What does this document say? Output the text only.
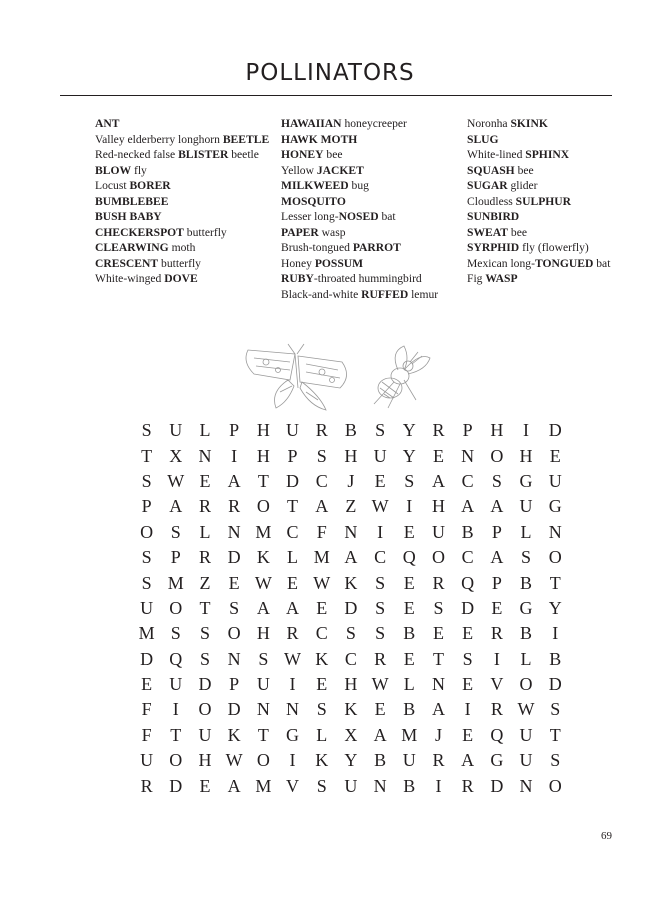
POLLINATORS
ANT
Valley elderberry longhorn BEETLE
Red-necked false BLISTER beetle
BLOW fly
Locust BORER
BUMBLEBEE
BUSH BABY
CHECKERSPOT butterfly
CLEARWING moth
CRESCENT butterfly
White-winged DOVE
HAWAIIAN honeycreeper
HAWK MOTH
HONEY bee
Yellow JACKET
MILKWEED bug
MOSQUITO
Lesser long-NOSED bat
PAPER wasp
Brush-tongued PARROT
Honey POSSUM
RUBY-throated hummingbird
Black-and-white RUFFED lemur
Noronha SKINK
SLUG
White-lined SPHINX
SQUASH bee
SUGAR glider
Cloudless SULPHUR
SUNBIRD
SWEAT bee
SYRPHID fly (flowerfly)
Mexican long-TONGUED bat
Fig WASP
S U L	P H U R B	S Y R	P H	I	D
T X N	I	H P	S H U Y E N O H E
S W E A T D C	J	E	S A C	S G U
P A R R O T A Z W I	H A A U G
O S	L N M C	F N	I	E U B	P	L N
S	P	R D K L M A C Q O C A S O
S M Z	E W E W K S	E R Q P	B T
U O T	S A A E D S	E	S D E G Y
M S	S O H R C	S	S	B E	E R B	I
D Q S N S W K C R E	T	S	I	L B
E U D P U	I	E H W L N E V O D
F	I	O D N N S K E B A	I	R W S
F	T U K T G L X A M J	E Q U T
U O H W O	I	K Y B U R A G U S
R D E A M V S U N B	I	R D N O
69
